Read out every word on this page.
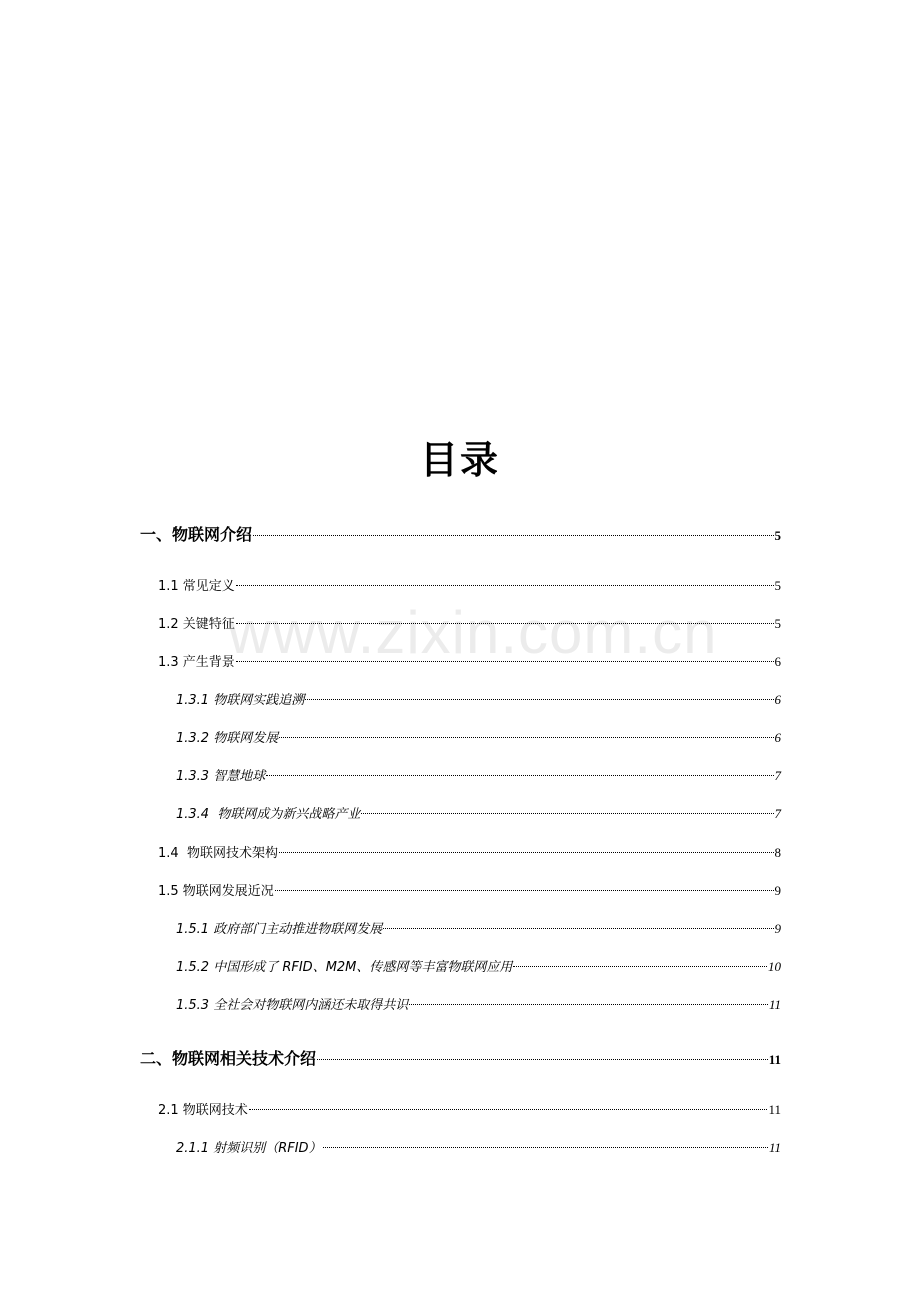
www.zixin.com.cn
目录
一、物联网介绍	5
1.1 常见定义	5
1.2 关键特征	5
1.3 产生背景	6
1.3.1 物联网实践追溯	6
1.3.2 物联网发展	6
1.3.3 智慧地球	7
1.3.4  物联网成为新兴战略产业	7
1.4  物联网技术架构	8
1.5 物联网发展近况	9
1.5.1 政府部门主动推进物联网发展	9
1.5.2 中国形成了 RFID、M2M、传感网等丰富物联网应用	10
1.5.3 全社会对物联网内涵还未取得共识	11
二、物联网相关技术介绍	11
2.1 物联网技术	11
2.1.1 射频识别（RFID）	11
